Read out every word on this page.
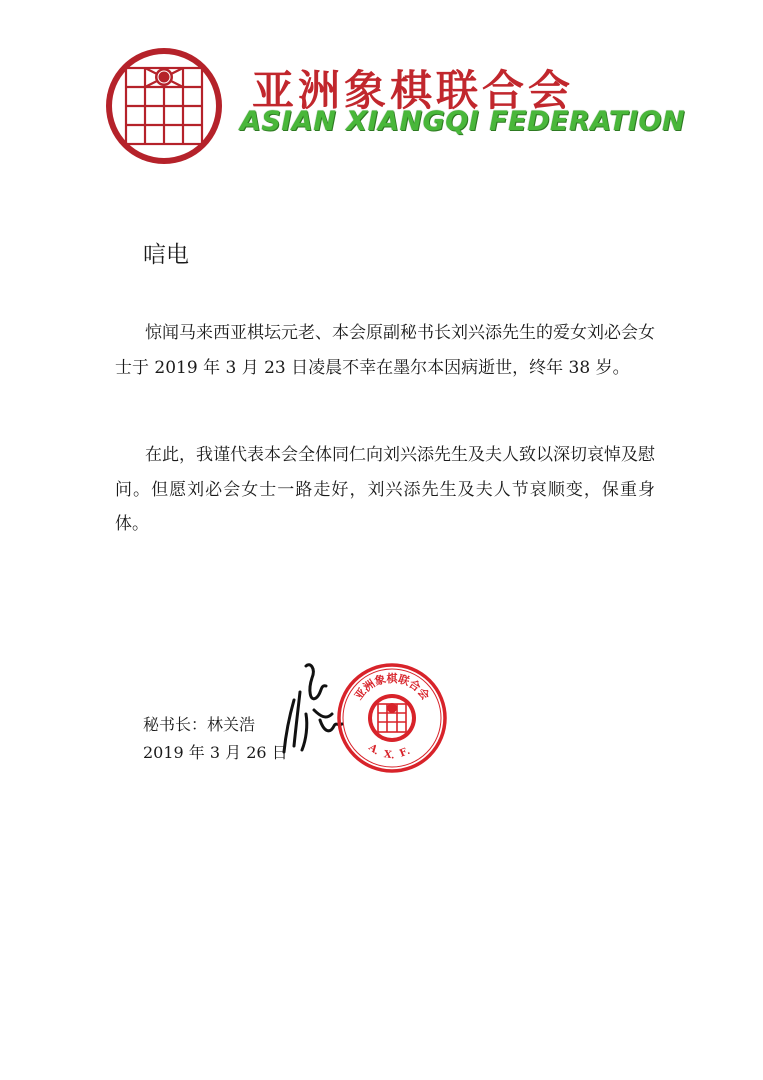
亚洲象棋联合会
ASIAN XIANGQI FEDERATION
唁电

惊闻马来西亚棋坛元老、本会原副秘书长刘兴添先生的爱女刘必会女士于 2019 年 3 月 23 日凌晨不幸在墨尔本因病逝世，终年 38 岁。

在此，我谨代表本会全体同仁向刘兴添先生及夫人致以深切哀悼及慰问。但愿刘必会女士一路走好，刘兴添先生及夫人节哀顺变，保重身体。

秘书长：林关浩
2019 年 3 月 26 日
亚洲象棋联合会
A．X．F．
